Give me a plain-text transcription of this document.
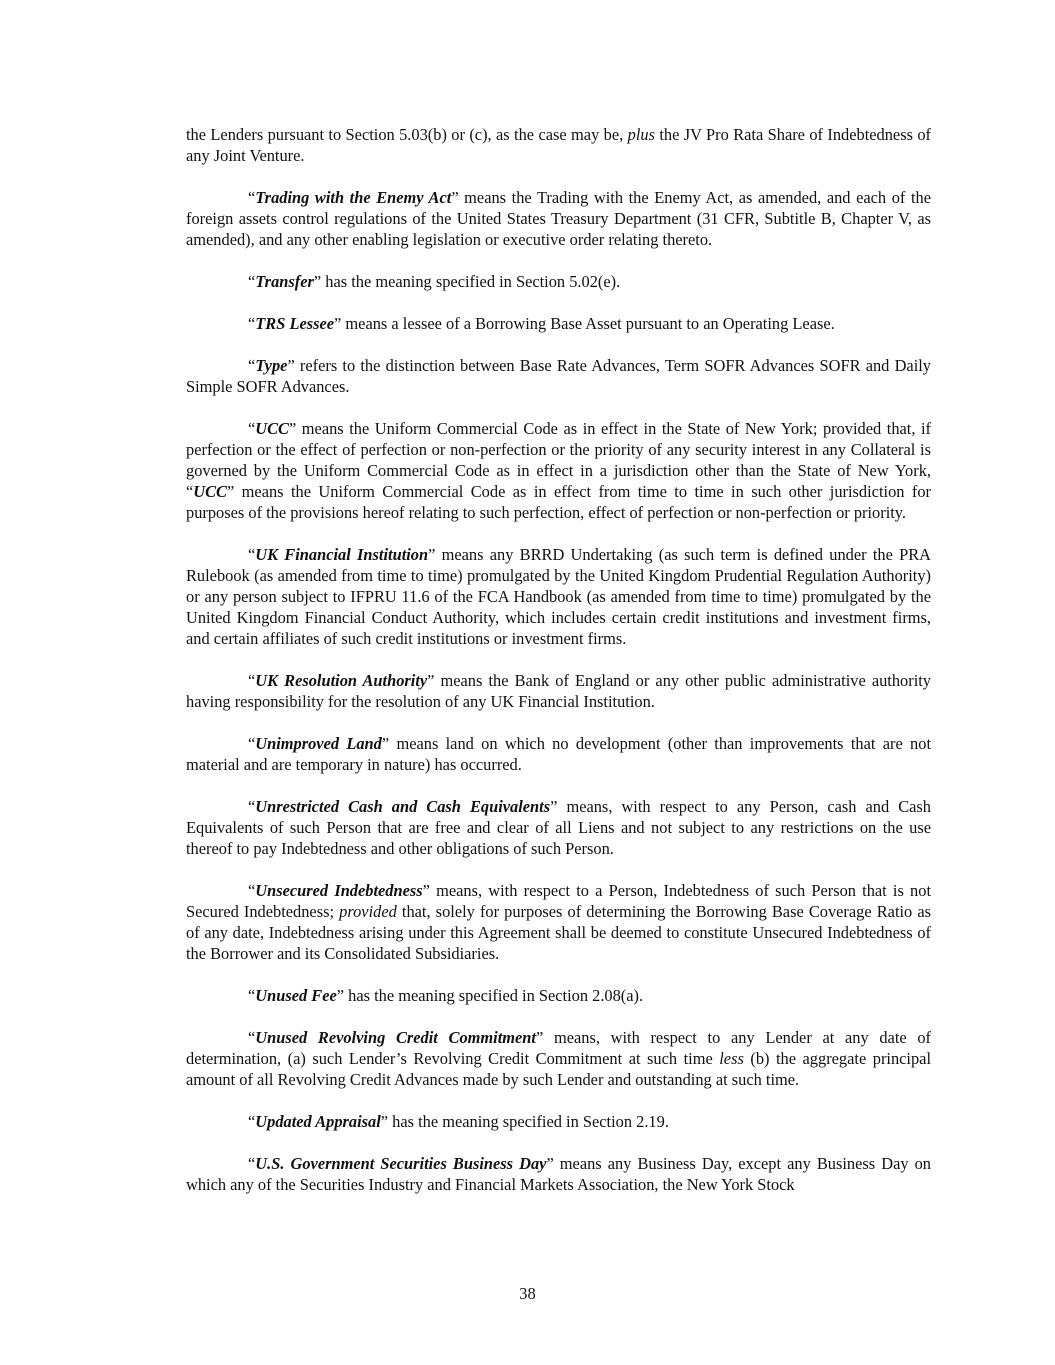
the Lenders pursuant to Section 5.03(b) or (c), as the case may be, plus the JV Pro Rata Share of Indebtedness of any Joint Venture.

“Trading with the Enemy Act” means the Trading with the Enemy Act, as amended, and each of the foreign assets control regulations of the United States Treasury Department (31 CFR, Subtitle B, Chapter V, as amended), and any other enabling legislation or executive order relating thereto.

“Transfer” has the meaning specified in Section 5.02(e).

“TRS Lessee” means a lessee of a Borrowing Base Asset pursuant to an Operating Lease.

“Type” refers to the distinction between Base Rate Advances, Term SOFR Advances SOFR and Daily Simple SOFR Advances.

“UCC” means the Uniform Commercial Code as in effect in the State of New York; provided that, if perfection or the effect of perfection or non-perfection or the priority of any security interest in any Collateral is governed by the Uniform Commercial Code as in effect in a jurisdiction other than the State of New York, “UCC” means the Uniform Commercial Code as in effect from time to time in such other jurisdiction for purposes of the provisions hereof relating to such perfection, effect of perfection or non-perfection or priority.

“UK Financial Institution” means any BRRD Undertaking (as such term is defined under the PRA Rulebook (as amended from time to time) promulgated by the United Kingdom Prudential Regulation Authority) or any person subject to IFPRU 11.6 of the FCA Handbook (as amended from time to time) promulgated by the United Kingdom Financial Conduct Authority, which includes certain credit institutions and investment firms, and certain affiliates of such credit institutions or investment firms.

“UK Resolution Authority” means the Bank of England or any other public administrative authority having responsibility for the resolution of any UK Financial Institution.

“Unimproved Land” means land on which no development (other than improvements that are not material and are temporary in nature) has occurred.

“Unrestricted Cash and Cash Equivalents” means, with respect to any Person, cash and Cash Equivalents of such Person that are free and clear of all Liens and not subject to any restrictions on the use thereof to pay Indebtedness and other obligations of such Person.

“Unsecured Indebtedness” means, with respect to a Person, Indebtedness of such Person that is not Secured Indebtedness; provided that, solely for purposes of determining the Borrowing Base Coverage Ratio as of any date, Indebtedness arising under this Agreement shall be deemed to constitute Unsecured Indebtedness of the Borrower and its Consolidated Subsidiaries.

“Unused Fee” has the meaning specified in Section 2.08(a).

“Unused Revolving Credit Commitment” means, with respect to any Lender at any date of determination, (a) such Lender’s Revolving Credit Commitment at such time less (b) the aggregate principal amount of all Revolving Credit Advances made by such Lender and outstanding at such time.

“Updated Appraisal” has the meaning specified in Section 2.19.

“U.S. Government Securities Business Day” means any Business Day, except any Business Day on which any of the Securities Industry and Financial Markets Association, the New York Stock

38
